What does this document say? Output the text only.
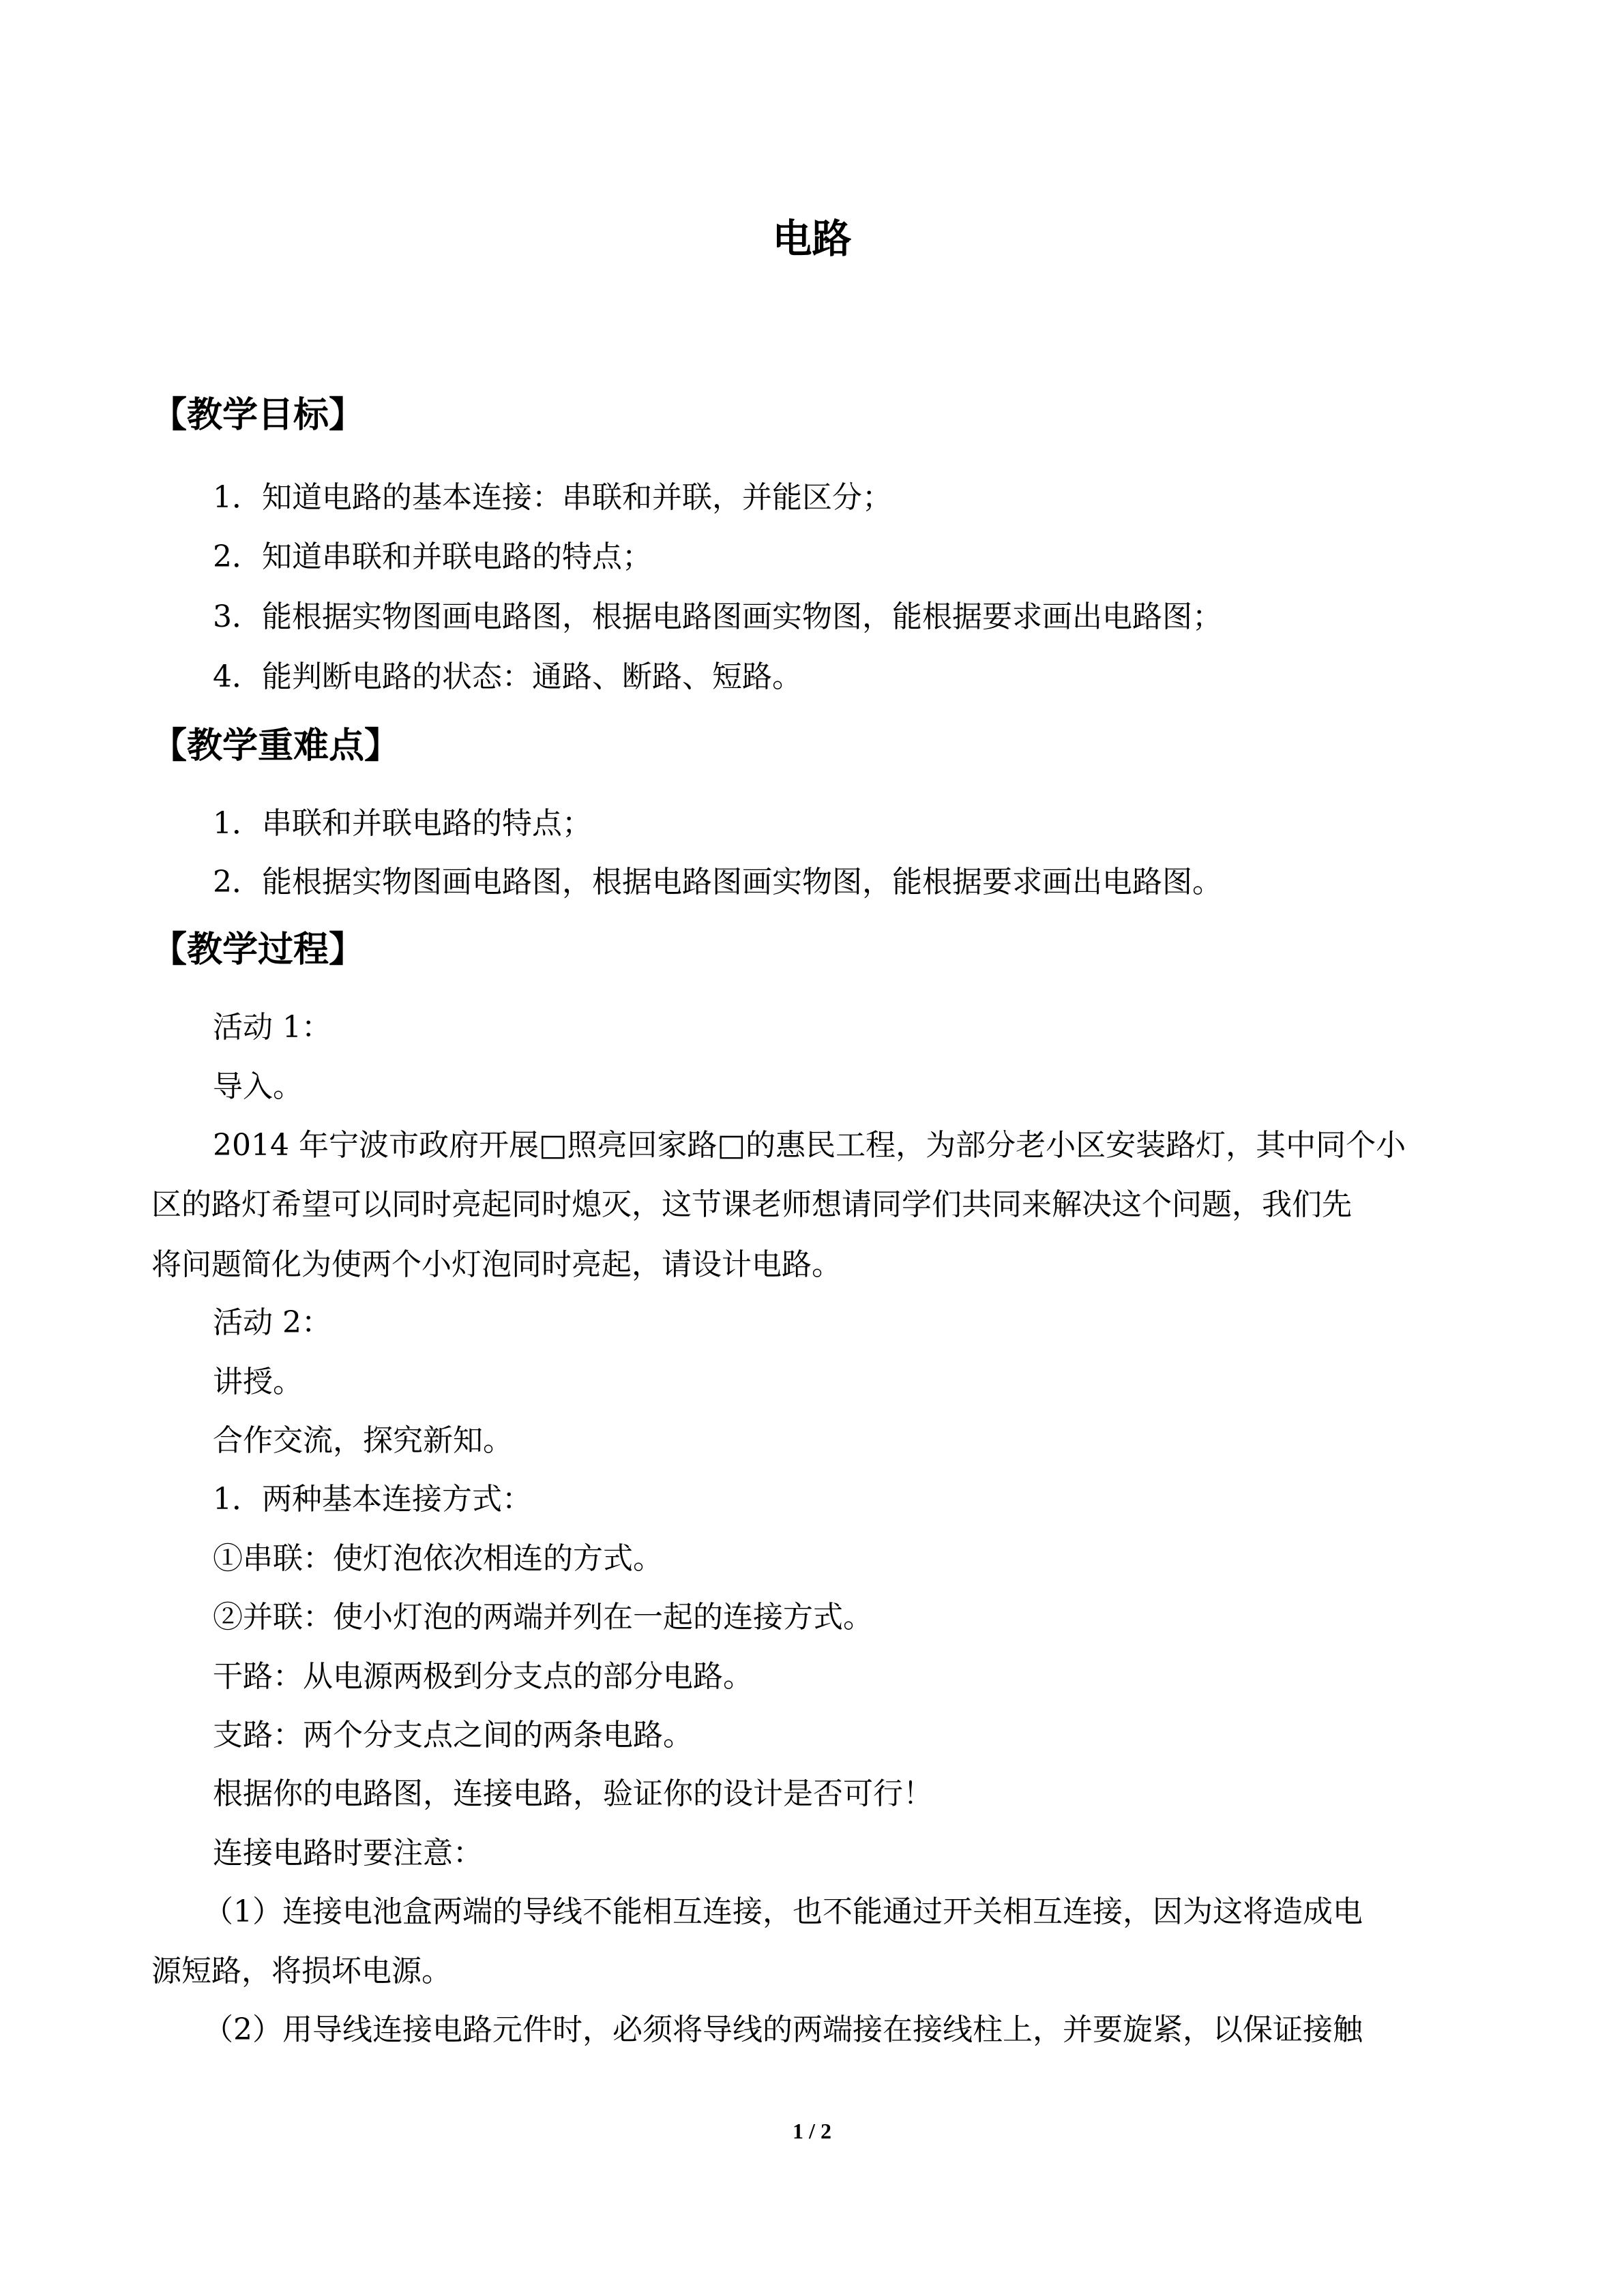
电路
【教学目标】
1．知道电路的基本连接：串联和并联，并能区分；
2．知道串联和并联电路的特点；
3．能根据实物图画电路图，根据电路图画实物图，能根据要求画出电路图；
4．能判断电路的状态：通路、断路、短路。
【教学重难点】
1．串联和并联电路的特点；
2．能根据实物图画电路图，根据电路图画实物图，能根据要求画出电路图。
【教学过程】
活动 1：
导入。
2014 年宁波市政府开展□照亮回家路□的惠民工程，为部分老小区安装路灯，其中同个小
区的路灯希望可以同时亮起同时熄灭，这节课老师想请同学们共同来解决这个问题，我们先
将问题简化为使两个小灯泡同时亮起，请设计电路。
活动 2：
讲授。
合作交流，探究新知。
1．两种基本连接方式：
①串联：使灯泡依次相连的方式。
②并联：使小灯泡的两端并列在一起的连接方式。
干路：从电源两极到分支点的部分电路。
支路：两个分支点之间的两条电路。
根据你的电路图，连接电路，验证你的设计是否可行！
连接电路时要注意：
（1）连接电池盒两端的导线不能相互连接，也不能通过开关相互连接，因为这将造成电
源短路，将损坏电源。
（2）用导线连接电路元件时，必须将导线的两端接在接线柱上，并要旋紧，以保证接触
1 / 2
